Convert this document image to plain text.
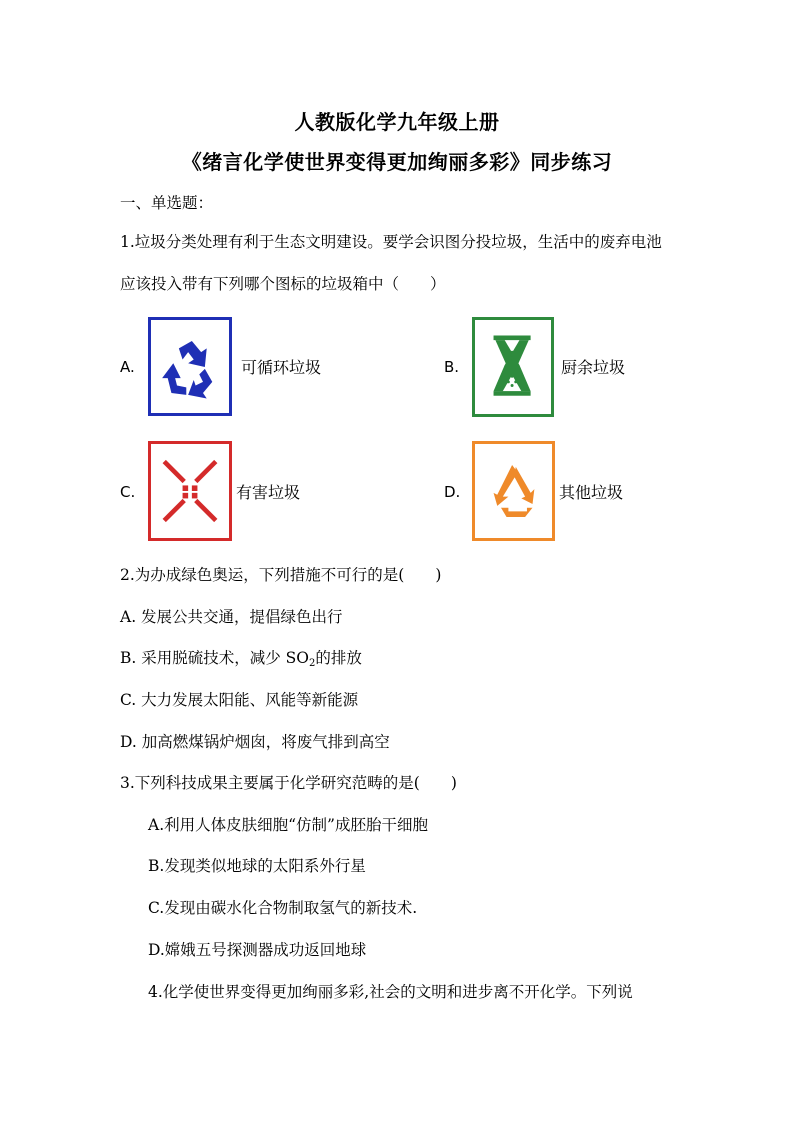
人教版化学九年级上册
《绪言化学使世界变得更加绚丽多彩》同步练习
一、单选题：
1.垃圾分类处理有利于生态文明建设。要学会识图分投垃圾，生活中的废弃电池
应该投入带有下列哪个图标的垃圾箱中（　　）
A.	可循环垃圾	B.	厨余垃圾
C.	有害垃圾	D.	其他垃圾
2.为办成绿色奥运，下列措施不可行的是(　　)
A. 发展公共交通，提倡绿色出行
B. 采用脱硫技术，减少 $SO_2$的排放
C. 大力发展太阳能、风能等新能源
D. 加高燃煤锅炉烟囱，将废气排到高空
3.下列科技成果主要属于化学研究范畴的是(　　)
A.利用人体皮肤细胞“仿制”成胚胎干细胞
B.发现类似地球的太阳系外行星
C.发现由碳水化合物制取氢气的新技术.
D.嫦娥五号探测器成功返回地球
4.化学使世界变得更加绚丽多彩,社会的文明和进步离不开化学。下列说
